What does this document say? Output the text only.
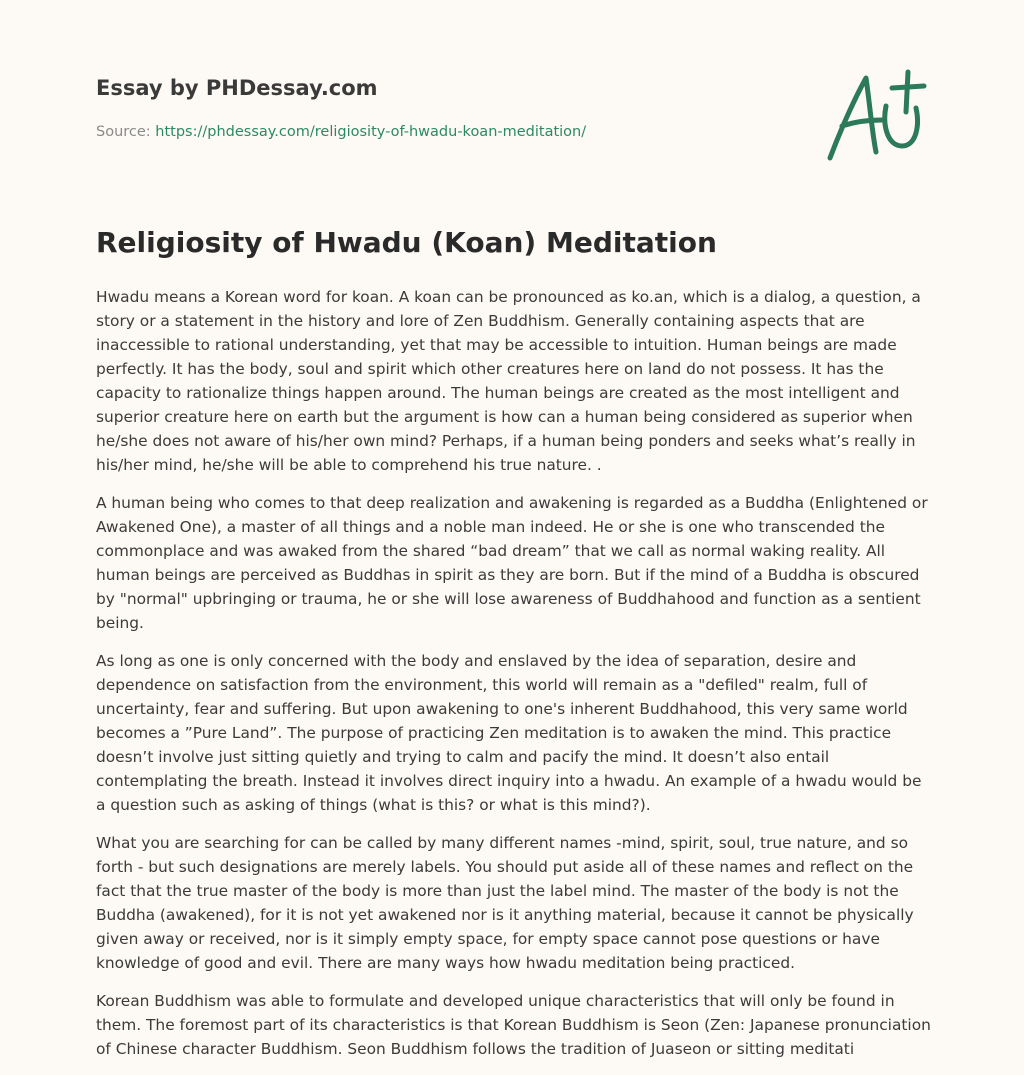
Essay by PHDessay.com
Source: https://phdessay.com/religiosity-of-hwadu-koan-meditation/
Religiosity of Hwadu (Koan) Meditation

Hwadu means a Korean word for koan. A koan can be pronounced as ko.an, which is a dialog, a question, a story or a statement in the history and lore of Zen Buddhism. Generally containing aspects that are inaccessible to rational understanding, yet that may be accessible to intuition. Human beings are made perfectly. It has the body, soul and spirit which other creatures here on land do not possess. It has the capacity to rationalize things happen around. The human beings are created as the most intelligent and superior creature here on earth but the argument is how can a human being considered as superior when he/she does not aware of his/her own mind? Perhaps, if a human being ponders and seeks what’s really in his/her mind, he/she will be able to comprehend his true nature. .

A human being who comes to that deep realization and awakening is regarded as a Buddha (Enlightened or Awakened One), a master of all things and a noble man indeed. He or she is one who transcended the commonplace and was awaked from the shared “bad dream” that we call as normal waking reality. All human beings are perceived as Buddhas in spirit as they are born. But if the mind of a Buddha is obscured by "normal" upbringing or trauma, he or she will lose awareness of Buddhahood and function as a sentient being.

As long as one is only concerned with the body and enslaved by the idea of separation, desire and dependence on satisfaction from the environment, this world will remain as a "defiled" realm, full of uncertainty, fear and suffering. But upon awakening to one's inherent Buddhahood, this very same world becomes a ”Pure Land”. The purpose of practicing Zen meditation is to awaken the mind. This practice doesn’t involve just sitting quietly and trying to calm and pacify the mind. It doesn’t also entail contemplating the breath. Instead it involves direct inquiry into a hwadu. An example of a hwadu would be a question such as asking of things (what is this? or what is this mind?).

What you are searching for can be called by many different names -mind, spirit, soul, true nature, and so forth - but such designations are merely labels. You should put aside all of these names and reflect on the fact that the true master of the body is more than just the label mind. The master of the body is not the Buddha (awakened), for it is not yet awakened nor is it anything material, because it cannot be physically given away or received, nor is it simply empty space, for empty space cannot pose questions or have knowledge of good and evil. There are many ways how hwadu meditation being practiced.

Korean Buddhism was able to formulate and developed unique characteristics that will only be found in them. The foremost part of its characteristics is that Korean Buddhism is Seon (Zen: Japanese pronunciation of Chinese character Buddhism. Seon Buddhism follows the tradition of Juaseon or sitting meditati
